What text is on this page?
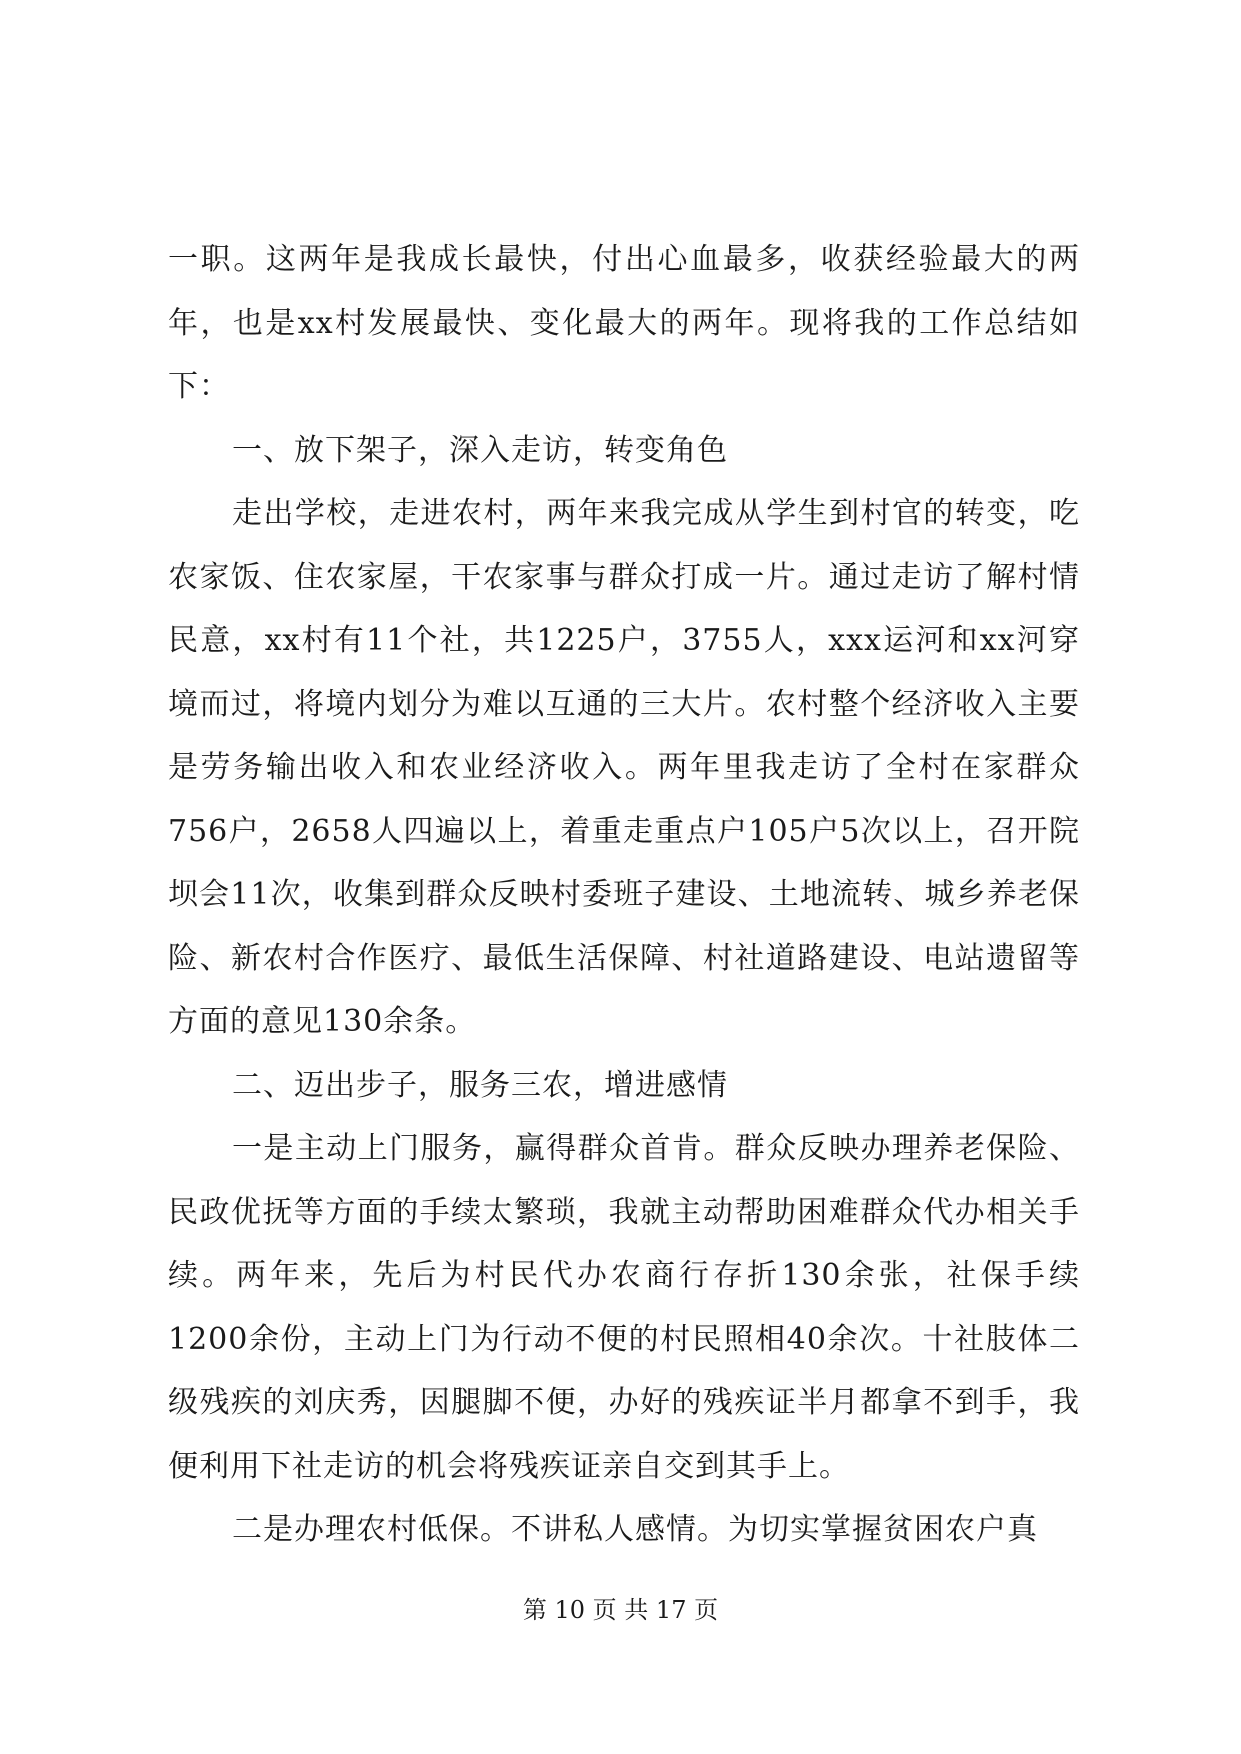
一职。这两年是我成长最快，付出心血最多，收获经验最大的两年，也是xx村发展最快、变化最大的两年。现将我的工作总结如下：

一、放下架子，深入走访，转变角色

走出学校，走进农村，两年来我完成从学生到村官的转变，吃农家饭、住农家屋，干农家事与群众打成一片。通过走访了解村情民意，xx村有11个社，共1225户，3755人，xxx运河和xx河穿境而过，将境内划分为难以互通的三大片。农村整个经济收入主要是劳务输出收入和农业经济收入。两年里我走访了全村在家群众756户，2658人四遍以上，着重走重点户105户5次以上，召开院坝会11次，收集到群众反映村委班子建设、土地流转、城乡养老保险、新农村合作医疗、最低生活保障、村社道路建设、电站遗留等方面的意见130余条。

二、迈出步子，服务三农，增进感情

一是主动上门服务，赢得群众首肯。群众反映办理养老保险、民政优抚等方面的手续太繁琐，我就主动帮助困难群众代办相关手续。两年来，先后为村民代办农商行存折130余张，社保手续1200余份，主动上门为行动不便的村民照相40余次。十社肢体二级残疾的刘庆秀，因腿脚不便，办好的残疾证半月都拿不到手，我便利用下社走访的机会将残疾证亲自交到其手上。

二是办理农村低保。不讲私人感情。为切实掌握贫困农户真

第 10 页 共 17 页
